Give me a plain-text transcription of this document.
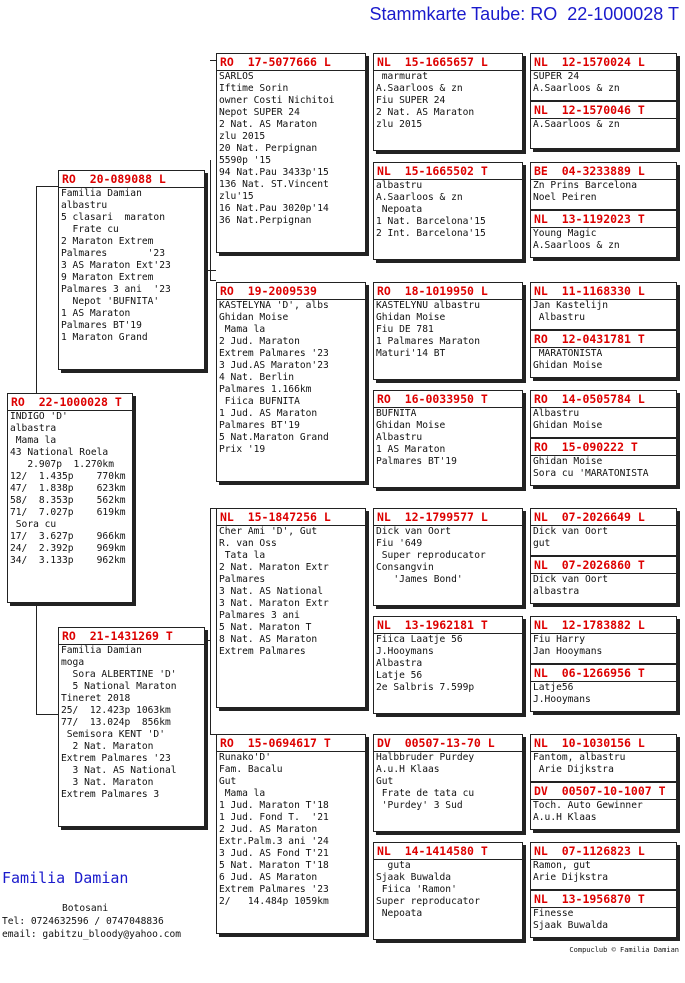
Stammkarte Taube: RO  22-1000028 T
RO  22-1000028 T
INDIGO 'D'
albastra
Mama la
43 National Roela
2.907p  1.270km
12/  1.435p    770km
47/  1.838p    623km
58/  8.353p    562km
71/  7.027p    619km
Sora cu
17/  3.627p    966km
24/  2.392p    969km
34/  3.133p    962km
RO  20-089088 L
Familia Damian
albastru
5 clasari  maraton
Frate cu
2 Maraton Extrem
Palmares       '23
3 AS Maraton Ext'23
9 Maraton Extrem
Palmares 3 ani  '23
Nepot 'BUFNITA'
1 AS Maraton
Palmares BT'19
1 Maraton Grand
RO  21-1431269 T
Familia Damian
moga
Sora ALBERTINE 'D'
5 National Maraton
Tineret 2018
25/  12.423p 1063km
77/  13.024p  856km
Semisora KENT 'D'
2 Nat. Maraton
Extrem Palmares '23
3 Nat. AS National
3 Nat. Maraton
Extrem Palmares 3
RO  17-5077666 L
SARLOS
Iftime Sorin
owner Costi Nichitoi
Nepot SUPER 24
2 Nat. AS Maraton
zlu 2015
20 Nat. Perpignan
5590p '15
94 Nat.Pau 3433p'15
136 Nat. ST.Vincent
zlu'15
16 Nat.Pau 3020p'14
36 Nat.Perpignan
RO  19-2009539
KASTELYNA 'D', albs
Ghidan Moise
Mama la
2 Jud. Maraton
Extrem Palmares '23
3 Jud.AS Maraton'23
4 Nat. Berlin
Palmares 1.166km
Fiica BUFNITA
1 Jud. AS Maraton
Palmares BT'19
5 Nat.Maraton Grand
Prix '19
NL  15-1847256 L
Cher Ami 'D', Gut
R. van Oss
Tata la
2 Nat. Maraton Extr
Palmares
3 Nat. AS National
3 Nat. Maraton Extr
Palmares 3 ani
5 Nat. Maraton T
8 Nat. AS Maraton
Extrem Palmares
RO  15-0694617 T
Runako'D'
Fam. Bacalu
Gut
Mama la
1 Jud. Maraton T'18
1 Jud. Fond T.  '21
2 Jud. AS Maraton
Extr.Palm.3 ani '24
3 Jud. AS Fond T'21
5 Nat. Maraton T'18
6 Jud. AS Maraton
Extrem Palmares '23
2/   14.484p 1059km
NL  15-1665657 L
marmurat
A.Saarloos & zn
Fiu SUPER 24
2 Nat. AS Maraton
zlu 2015
NL  15-1665502 T
albastru
A.Saarloos & zn
Nepoata
1 Nat. Barcelona'15
2 Int. Barcelona'15
RO  18-1019950 L
KASTELYNU albastru
Ghidan Moise
Fiu DE 781
1 Palmares Maraton
Maturi'14 BT
RO  16-0033950 T
BUFNITA
Ghidan Moise
Albastru
1 AS Maraton
Palmares BT'19
NL  12-1799577 L
Dick van Oort
Fiu '649
Super reproducator
Consangvin
'James Bond'
NL  13-1962181 T
Fiica Laatje 56
J.Hooymans
Albastra
Latje 56
2e Salbris 7.599p
DV  00507-13-70 L
Halbbruder Purdey
A.u.H Klaas
Gut
Frate de tata cu
'Purdey' 3 Sud
NL  14-1414580 T
guta
Sjaak Buwalda
Fiica 'Ramon'
Super reproducator
Nepoata
NL  12-1570024 L
SUPER 24
A.Saarloos & zn
NL  12-1570046 T
A.Saarloos & zn
BE  04-3233889 L
Zn Prins Barcelona
Noel Peiren
NL  13-1192023 T
Young Magic
A.Saarloos & zn
NL  11-1168330 L
Jan Kastelijn
Albastru
RO  12-0431781 T
MARATONISTA
Ghidan Moise
RO  14-0505784 L
Albastru
Ghidan Moise
RO  15-090222 T
Ghidan Moise
Sora cu 'MARATONISTA
NL  07-2026649 L
Dick van Oort
gut
NL  07-2026860 T
Dick van Oort
albastra
NL  12-1783882 L
Fiu Harry
Jan Hooymans
NL  06-1266956 T
Latje56
J.Hooymans
NL  10-1030156 L
Fantom, albastru
Arie Dijkstra
DV  00507-10-1007 T
Toch. Auto Gewinner
A.u.H Klaas
NL  07-1126823 L
Ramon, gut
Arie Dijkstra
NL  13-1956870 T
Finesse
Sjaak Buwalda
Familia Damian
Botosani
Tel: 0724632596 / 0747048836
email: gabitzu_bloody@yahoo.com
Compuclub © Familia Damian
